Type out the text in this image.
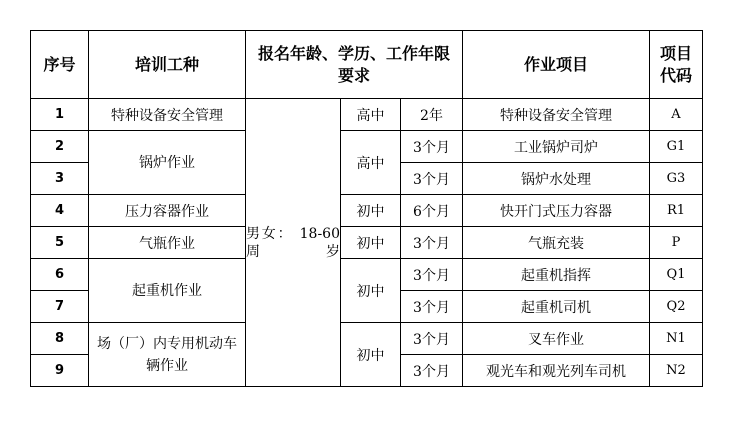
序号	培训工种	报名年龄、学历、工作年限要求			作业项目	项目代码
1	特种设备安全管理	男女： 18-60周岁	高中	2年	特种设备安全管理	A
2	锅炉作业		高中	3个月	工业锅炉司炉	G1
3				3个月	锅炉水处理	G3
4	压力容器作业		初中	6个月	快开门式压力容器	R1
5	气瓶作业		初中	3个月	气瓶充装	P
6	起重机作业		初中	3个月	起重机指挥	Q1
7				3个月	起重机司机	Q2
8	场（厂）内专用机动车辆作业		初中	3个月	叉车作业	N1
9				3个月	观光车和观光列车司机	N2
